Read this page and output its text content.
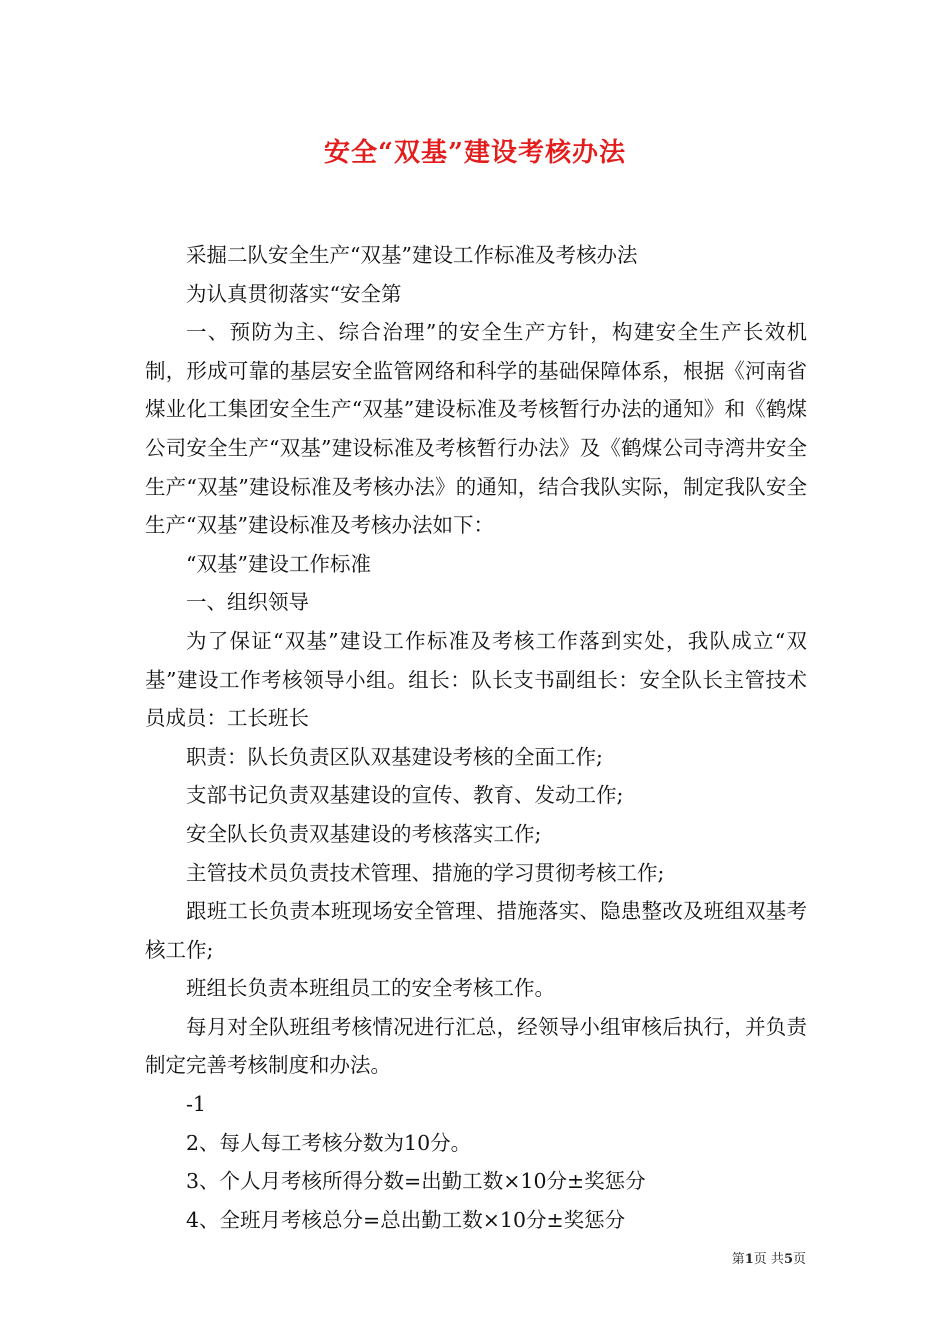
安全“双基”建设考核办法

采掘二队安全生产“双基”建设工作标准及考核办法

为认真贯彻落实“安全第

一、预防为主、综合治理”的安全生产方针，构建安全生产长效机制，形成可靠的基层安全监管网络和科学的基础保障体系，根据《河南省煤业化工集团安全生产“双基”建设标准及考核暂行办法的通知》和《鹤煤公司安全生产“双基”建设标准及考核暂行办法》及《鹤煤公司寺湾井安全生产“双基”建设标准及考核办法》的通知，结合我队实际，制定我队安全生产“双基”建设标准及考核办法如下：

“双基”建设工作标准

一、组织领导

为了保证“双基”建设工作标准及考核工作落到实处，我队成立“双基”建设工作考核领导小组。组长：队长支书副组长：安全队长主管技术员成员：工长班长

职责：队长负责区队双基建设考核的全面工作;

支部书记负责双基建设的宣传、教育、发动工作;

安全队长负责双基建设的考核落实工作;

主管技术员负责技术管理、措施的学习贯彻考核工作;

跟班工长负责本班现场安全管理、措施落实、隐患整改及班组双基考核工作;

班组长负责本班组员工的安全考核工作。

每月对全队班组考核情况进行汇总，经领导小组审核后执行，并负责制定完善考核制度和办法。

-1

2、每人每工考核分数为10分。

3、个人月考核所得分数=出勤工数×10分±奖惩分

4、全班月考核总分=总出勤工数×10分±奖惩分

第1页 共5页
